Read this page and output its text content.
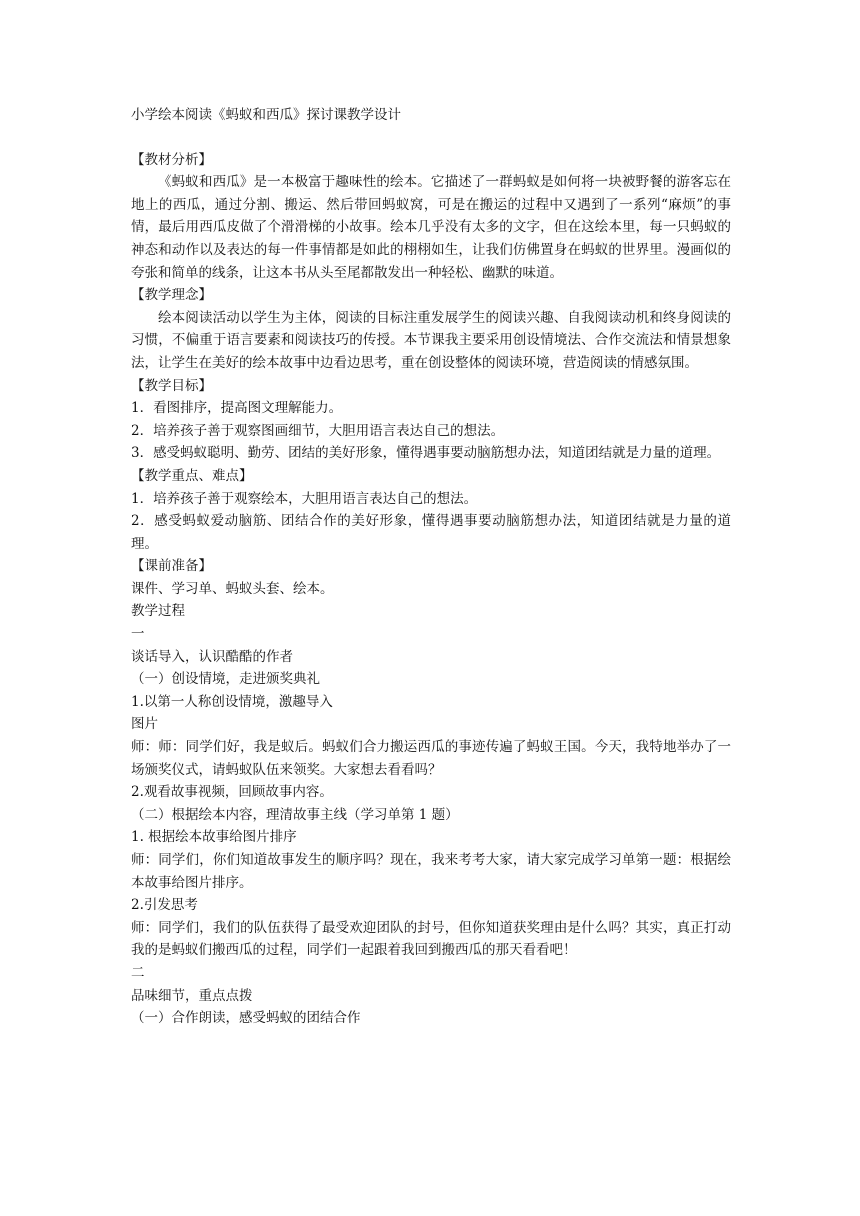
小学绘本阅读《蚂蚁和西瓜》探讨课教学设计

【教材分析】

《蚂蚁和西瓜》是一本极富于趣味性的绘本。它描述了一群蚂蚁是如何将一块被野餐的游客忘在地上的西瓜，通过分割、搬运、然后带回蚂蚁窝，可是在搬运的过程中又遇到了一系列“麻烦”的事情，最后用西瓜皮做了个滑滑梯的小故事。绘本几乎没有太多的文字，但在这绘本里，每一只蚂蚁的神态和动作以及表达的每一件事情都是如此的栩栩如生，让我们仿佛置身在蚂蚁的世界里。漫画似的夸张和简单的线条，让这本书从头至尾都散发出一种轻松、幽默的味道。

【教学理念】

绘本阅读活动以学生为主体，阅读的目标注重发展学生的阅读兴趣、自我阅读动机和终身阅读的习惯，不偏重于语言要素和阅读技巧的传授。本节课我主要采用创设情境法、合作交流法和情景想象法，让学生在美好的绘本故事中边看边思考，重在创设整体的阅读环境，营造阅读的情感氛围。

【教学目标】

1．看图排序，提高图文理解能力。

2．培养孩子善于观察图画细节，大胆用语言表达自己的想法。

3．感受蚂蚁聪明、勤劳、团结的美好形象，懂得遇事要动脑筋想办法，知道团结就是力量的道理。

【教学重点、难点】

1．培养孩子善于观察绘本，大胆用语言表达自己的想法。

2．感受蚂蚁爱动脑筋、团结合作的美好形象，懂得遇事要动脑筋想办法，知道团结就是力量的道理。

【课前准备】

课件、学习单、蚂蚁头套、绘本。

教学过程

一

谈话导入，认识酷酷的作者

（一）创设情境，走进颁奖典礼

1.以第一人称创设情境，激趣导入

图片

师：师：同学们好，我是蚁后。蚂蚁们合力搬运西瓜的事迹传遍了蚂蚁王国。今天，我特地举办了一场颁奖仪式，请蚂蚁队伍来领奖。大家想去看看吗？

2.观看故事视频，回顾故事内容。

（二）根据绘本内容，理清故事主线（学习单第 1 题）

1. 根据绘本故事给图片排序

师：同学们，你们知道故事发生的顺序吗？现在，我来考考大家，请大家完成学习单第一题：根据绘本故事给图片排序。

2.引发思考

师：同学们，我们的队伍获得了最受欢迎团队的封号，但你知道获奖理由是什么吗？其实，真正打动我的是蚂蚁们搬西瓜的过程，同学们一起跟着我回到搬西瓜的那天看看吧！

二

品味细节，重点点拨

（一）合作朗读，感受蚂蚁的团结合作
